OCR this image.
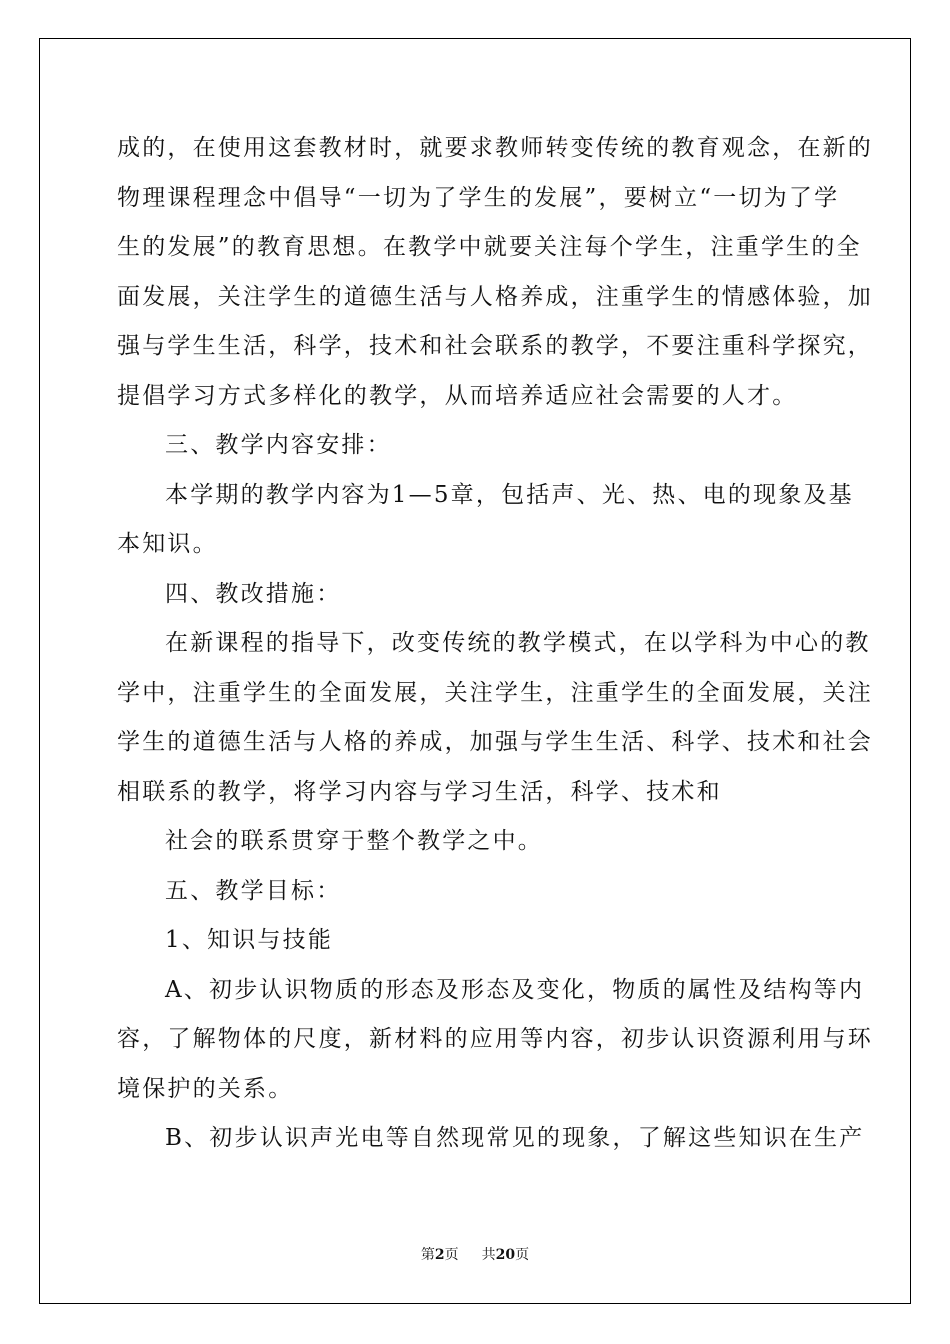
成的，在使用这套教材时，就要求教师转变传统的教育观念，在新的
物理课程理念中倡导“一切为了学生的发展”，要树立“一切为了学
生的发展”的教育思想。在教学中就要关注每个学生，注重学生的全
面发展，关注学生的道德生活与人格养成，注重学生的情感体验，加
强与学生生活，科学，技术和社会联系的教学，不要注重科学探究，
提倡学习方式多样化的教学，从而培养适应社会需要的人才。
三、教学内容安排：
本学期的教学内容为1—5章，包括声、光、热、电的现象及基
本知识。
四、教改措施：
在新课程的指导下，改变传统的教学模式，在以学科为中心的教
学中，注重学生的全面发展，关注学生，注重学生的全面发展，关注
学生的道德生活与人格的养成，加强与学生生活、科学、技术和社会
相联系的教学，将学习内容与学习生活，科学、技术和
社会的联系贯穿于整个教学之中。
五、教学目标：
1、知识与技能
A、初步认识物质的形态及形态及变化，物质的属性及结构等内
容，了解物体的尺度，新材料的应用等内容，初步认识资源利用与环
境保护的关系。
B、初步认识声光电等自然现常见的现象，了解这些知识在生产
第2页 共20页
